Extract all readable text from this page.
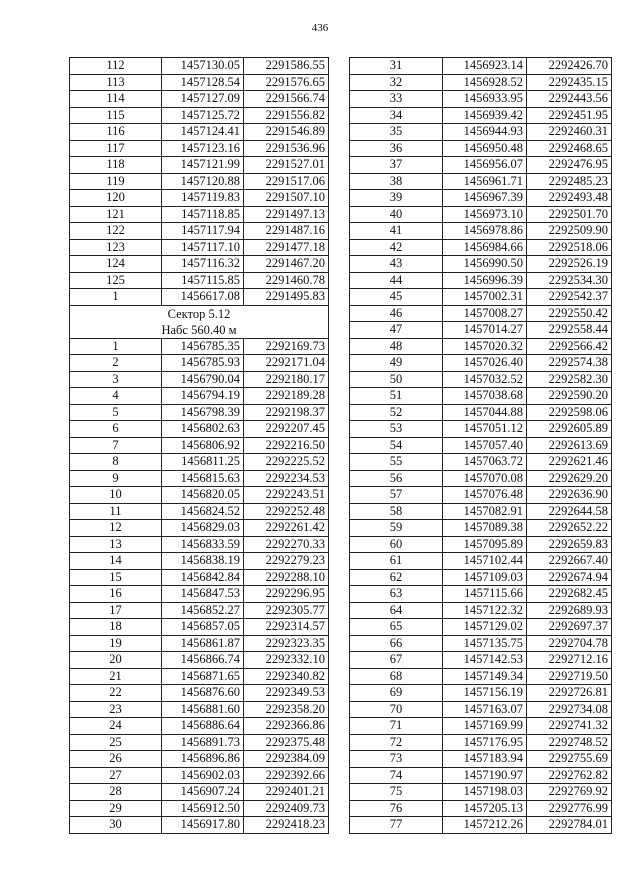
436
112	1457130.05	2291586.55
113	1457128.54	2291576.65
114	1457127.09	2291566.74
115	1457125.72	2291556.82
116	1457124.41	2291546.89
117	1457123.16	2291536.96
118	1457121.99	2291527.01
119	1457120.88	2291517.06
120	1457119.83	2291507.10
121	1457118.85	2291497.13
122	1457117.94	2291487.16
123	1457117.10	2291477.18
124	1457116.32	2291467.20
125	1457115.85	2291460.78
1	1456617.08	2291495.83

Сектор 5.12
Набс 560.40 м		

1	1456785.35	2292169.73
2	1456785.93	2292171.04
3	1456790.04	2292180.17
4	1456794.19	2292189.28
5	1456798.39	2292198.37
6	1456802.63	2292207.45
7	1456806.92	2292216.50
8	1456811.25	2292225.52
9	1456815.63	2292234.53
10	1456820.05	2292243.51
11	1456824.52	2292252.48
12	1456829.03	2292261.42
13	1456833.59	2292270.33
14	1456838.19	2292279.23
15	1456842.84	2292288.10
16	1456847.53	2292296.95
17	1456852.27	2292305.77
18	1456857.05	2292314.57
19	1456861.87	2292323.35
20	1456866.74	2292332.10
21	1456871.65	2292340.82
22	1456876.60	2292349.53
23	1456881.60	2292358.20
24	1456886.64	2292366.86
25	1456891.73	2292375.48
26	1456896.86	2292384.09
27	1456902.03	2292392.66
28	1456907.24	2292401.21
29	1456912.50	2292409.73
30	1456917.80	2292418.23
31	1456923.14	2292426.70
32	1456928.52	2292435.15
33	1456933.95	2292443.56
34	1456939.42	2292451.95
35	1456944.93	2292460.31
36	1456950.48	2292468.65
37	1456956.07	2292476.95
38	1456961.71	2292485.23
39	1456967.39	2292493.48
40	1456973.10	2292501.70
41	1456978.86	2292509.90
42	1456984.66	2292518.06
43	1456990.50	2292526.19
44	1456996.39	2292534.30
45	1457002.31	2292542.37
46	1457008.27	2292550.42
47	1457014.27	2292558.44
48	1457020.32	2292566.42
49	1457026.40	2292574.38
50	1457032.52	2292582.30
51	1457038.68	2292590.20
52	1457044.88	2292598.06
53	1457051.12	2292605.89
54	1457057.40	2292613.69
55	1457063.72	2292621.46
56	1457070.08	2292629.20
57	1457076.48	2292636.90
58	1457082.91	2292644.58
59	1457089.38	2292652.22
60	1457095.89	2292659.83
61	1457102.44	2292667.40
62	1457109.03	2292674.94
63	1457115.66	2292682.45
64	1457122.32	2292689.93
65	1457129.02	2292697.37
66	1457135.75	2292704.78
67	1457142.53	2292712.16
68	1457149.34	2292719.50
69	1457156.19	2292726.81
70	1457163.07	2292734.08
71	1457169.99	2292741.32
72	1457176.95	2292748.52
73	1457183.94	2292755.69
74	1457190.97	2292762.82
75	1457198.03	2292769.92
76	1457205.13	2292776.99
77	1457212.26	2292784.01
